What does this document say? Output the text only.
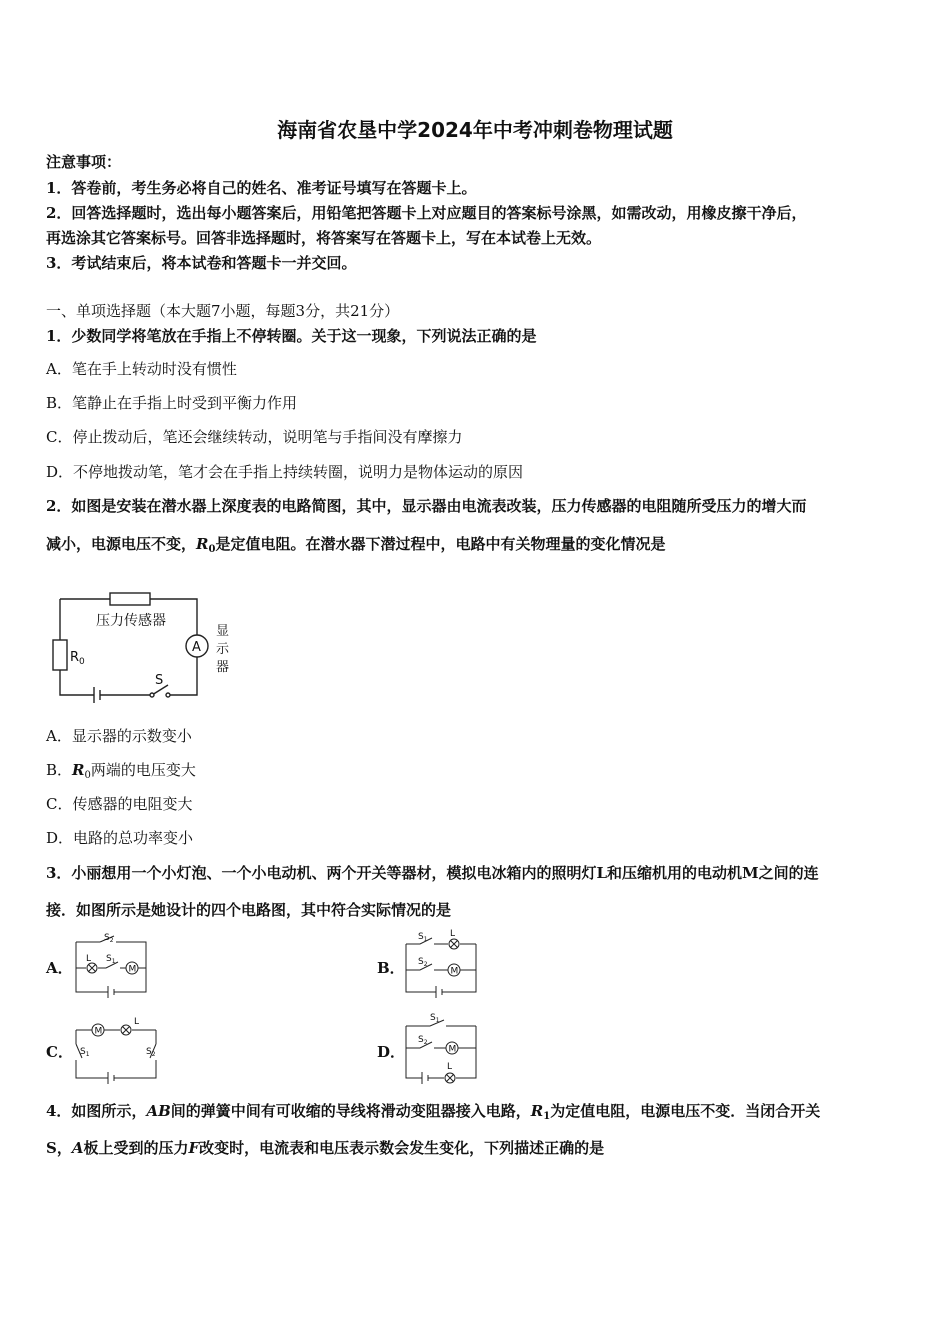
海南省农垦中学2024年中考冲刺卷物理试题
注意事项：
1．答卷前，考生务必将自己的姓名、准考证号填写在答题卡上。
2．回答选择题时，选出每小题答案后，用铅笔把答题卡上对应题目的答案标号涂黑，如需改动，用橡皮擦干净后，
再选涂其它答案标号。回答非选择题时，将答案写在答题卡上，写在本试卷上无效。
3．考试结束后，将本试卷和答题卡一并交回。
一、单项选择题（本大题7小题，每题3分，共21分）
1．少数同学将笔放在手指上不停转圈。关于这一现象，下列说法正确的是
A．笔在手上转动时没有惯性
B．笔静止在手指上时受到平衡力作用
C．停止拨动后，笔还会继续转动，说明笔与手指间没有摩擦力
D．不停地拨动笔，笔才会在手指上持续转圈，说明力是物体运动的原因
2．如图是安装在潜水器上深度表的电路简图，其中，显示器由电流表改装，压力传感器的电阻随所受压力的增大而
减小，电源电压不变，$R_0$是定值电阻。在潜水器下潜过程中，电路中有关物理量的变化情况是
压力传感器
$R_0$
A
显
示
器
S
A．显示器的示数变小
B．$R_0$两端的电压变大
C．传感器的电阻变大
D．电路的总功率变小
3．小丽想用一个小灯泡、一个小电动机、两个开关等器材，模拟电冰箱内的照明灯L和压缩机用的电动机M之间的连
接．如图所示是她设计的四个电路图，其中符合实际情况的是
A．	B．
C．	D．
$S_2$
L $S_1$
M
$S_1$
L
$S_2$
M
M
L
$S_1$	$S_2$
$S_1$
$S_2$
M
L
4．如图所示，AB间的弹簧中间有可收缩的导线将滑动变阻器接入电路，$R_1$为定值电阻，电源电压不变．当闭合开关
S，A板上受到的压力F改变时，电流表和电压表示数会发生变化，下列描述正确的是
